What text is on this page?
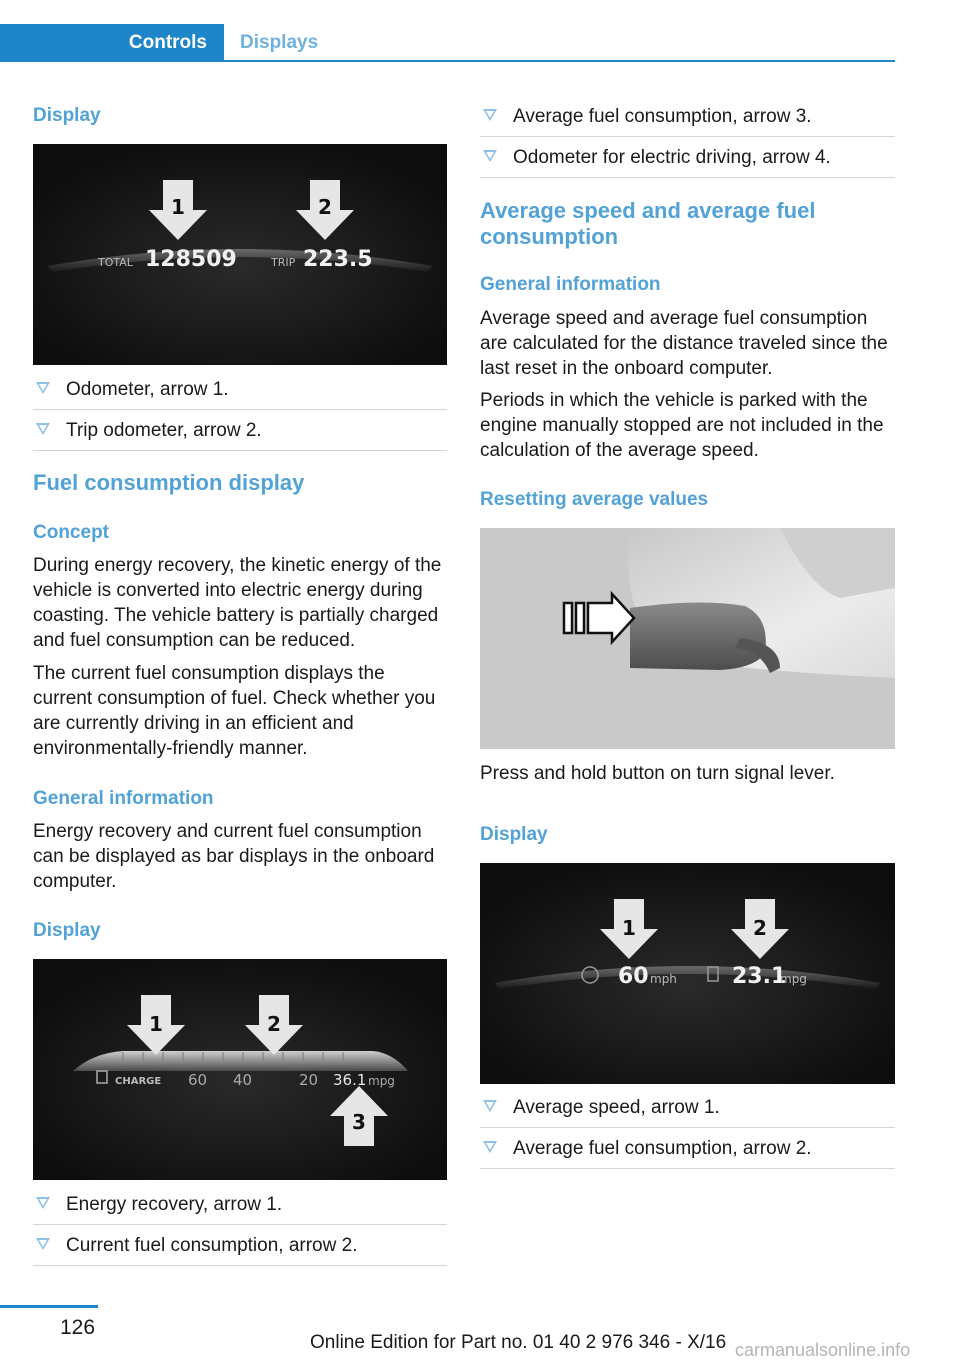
Controls	Displays
Display
1	2
TOTAL 128509	TRIP 223.5
Odometer, arrow 1.
Trip odometer, arrow 2.
Fuel consumption display
Concept

During energy recovery, the kinetic energy of the vehicle is converted into electric energy during coasting. The vehicle battery is partially charged and fuel consumption can be reduced.

The current fuel consumption displays the current consumption of fuel. Check whether you are currently driving in an efficient and environmentally-friendly manner.

General information

Energy recovery and current fuel consumption can be displayed as bar displays in the onboard computer.

Display
1	2
3
CHARGE 60 40	20 36.1 mpg
Energy recovery, arrow 1.
Current fuel consumption, arrow 2.
Average fuel consumption, arrow 3.
Odometer for electric driving, arrow 4.
Average speed and average fuel consumption
General information

Average speed and average fuel consumption are calculated for the distance traveled since the last reset in the onboard computer.

Periods in which the vehicle is parked with the engine manually stopped are not included in the calculation of the average speed.

Resetting average values
Press and hold button on turn signal lever.
Display
1	2
60 mph	23.1
mpg
Average speed, arrow 1.
Average fuel consumption, arrow 2.
126
Online Edition for Part no. 01 40 2 976 346 - X/16 carmanualsonline.info
